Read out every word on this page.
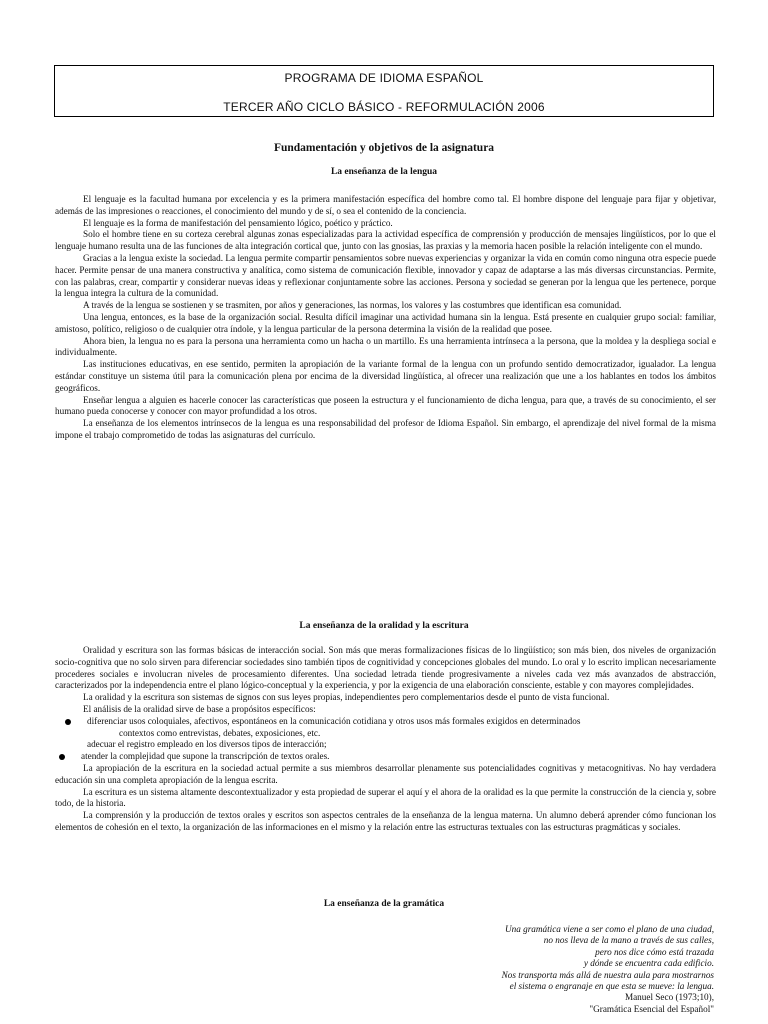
PROGRAMA DE IDIOMA ESPAÑOL
TERCER AÑO CICLO BÁSICO - REFORMULACIÓN 2006
Fundamentación y objetivos de la asignatura
La enseñanza de la lengua

El lenguaje es la facultad humana por excelencia y es la primera manifestación específica del hombre como tal. El hombre dispone del lenguaje para fijar y objetivar, además de las impresiones o reacciones, el conocimiento del mundo y de sí, o sea el contenido de la conciencia.

El lenguaje es la forma de manifestación del pensamiento lógico, poético y práctico.

Solo el hombre tiene en su corteza cerebral algunas zonas especializadas para la actividad específica de comprensión y producción de mensajes lingüísticos, por lo que el lenguaje humano resulta una de las funciones de alta integración cortical que, junto con las gnosias, las praxias y la memoria hacen posible la relación inteligente con el mundo.

Gracias a la lengua existe la sociedad. La lengua permite compartir pensamientos sobre nuevas experiencias y organizar la vida en común como ninguna otra especie puede hacer. Permite pensar de una manera constructiva y analítica, como sistema de comunicación flexible, innovador y capaz de adaptarse a las más diversas circunstancias. Permite, con las palabras, crear, compartir y considerar nuevas ideas y reflexionar conjuntamente sobre las acciones. Persona y sociedad se generan por la lengua que les pertenece, porque la lengua integra la cultura de la comunidad.

A través de la lengua se sostienen y se trasmiten, por años y generaciones, las normas, los valores y las costumbres que identifican esa comunidad.

Una lengua, entonces, es la base de la organización social. Resulta difícil imaginar una actividad humana sin la lengua. Está presente en cualquier grupo social: familiar, amistoso, político, religioso o de cualquier otra índole, y la lengua particular de la persona determina la visión de la realidad que posee.

Ahora bien, la lengua no es para la persona una herramienta como un hacha o un martillo. Es una herramienta intrínseca a la persona, que la moldea y la despliega social e individualmente.

Las instituciones educativas, en ese sentido, permiten la apropiación de la variante formal de la lengua con un profundo sentido democratizador, igualador. La lengua estándar constituye un sistema útil para la comunicación plena por encima de la diversidad lingüística, al ofrecer una realización que une a los hablantes en todos los ámbitos geográficos.

Enseñar lengua a alguien es hacerle conocer las características que poseen la estructura y el funcionamiento de dicha lengua, para que, a través de su conocimiento, el ser humano pueda conocerse y conocer con mayor profundidad a los otros.

La enseñanza de los elementos intrínsecos de la lengua es una responsabilidad del profesor de Idioma Español. Sin embargo, el aprendizaje del nivel formal de la misma impone el trabajo comprometido de todas las asignaturas del currículo.

La enseñanza de la oralidad y la escritura

Oralidad y escritura son las formas básicas de interacción social. Son más que meras formalizaciones físicas de lo lingüístico; son más bien, dos niveles de organización socio-cognitiva que no solo sirven para diferenciar sociedades sino también tipos de cognitividad y concepciones globales del mundo. Lo oral y lo escrito implican necesariamente procederes sociales e involucran niveles de procesamiento diferentes. Una sociedad letrada tiende progresivamente a niveles cada vez más avanzados de abstracción, caracterizados por la independencia entre el plano lógico-conceptual y la experiencia, y por la exigencia de una elaboración consciente, estable y con mayores complejidades.

La oralidad y la escritura son sistemas de signos con sus leyes propias, independientes pero complementarios desde el punto de vista funcional.

El análisis de la oralidad sirve de base a propósitos específicos:

diferenciar usos coloquiales, afectivos, espontáneos en la comunicación cotidiana y otros usos más formales exigidos en determinados

contextos como entrevistas, debates, exposiciones, etc.

adecuar el registro empleado en los diversos tipos de interacción;

atender la complejidad que supone la transcripción de textos orales.

La apropiación de la escritura en la sociedad actual permite a sus miembros desarrollar plenamente sus potencialidades cognitivas y metacognitivas. No hay verdadera educación sin una completa apropiación de la lengua escrita.

La escritura es un sistema altamente descontextualizador y esta propiedad de superar el aquí y el ahora de la oralidad es la que permite la construcción de la ciencia y, sobre todo, de la historia.

La comprensión y la producción de textos orales y escritos son aspectos centrales de la enseñanza de la lengua materna. Un alumno deberá aprender cómo funcionan los elementos de cohesión en el texto, la organización de las informaciones en el mismo y la relación entre las estructuras textuales con las estructuras pragmáticas y sociales.

La enseñanza de la gramática
Una gramática viene a ser como el plano de una ciudad,
no nos lleva de la mano a través de sus calles,
pero nos dice cómo está trazada
y dónde se encuentra cada edificio.
Nos transporta más allá de nuestra aula para mostrarnos
el sistema o engranaje en que esta se mueve: la lengua.
Manuel Seco (1973;10),
"Gramática Esencial del Español"
